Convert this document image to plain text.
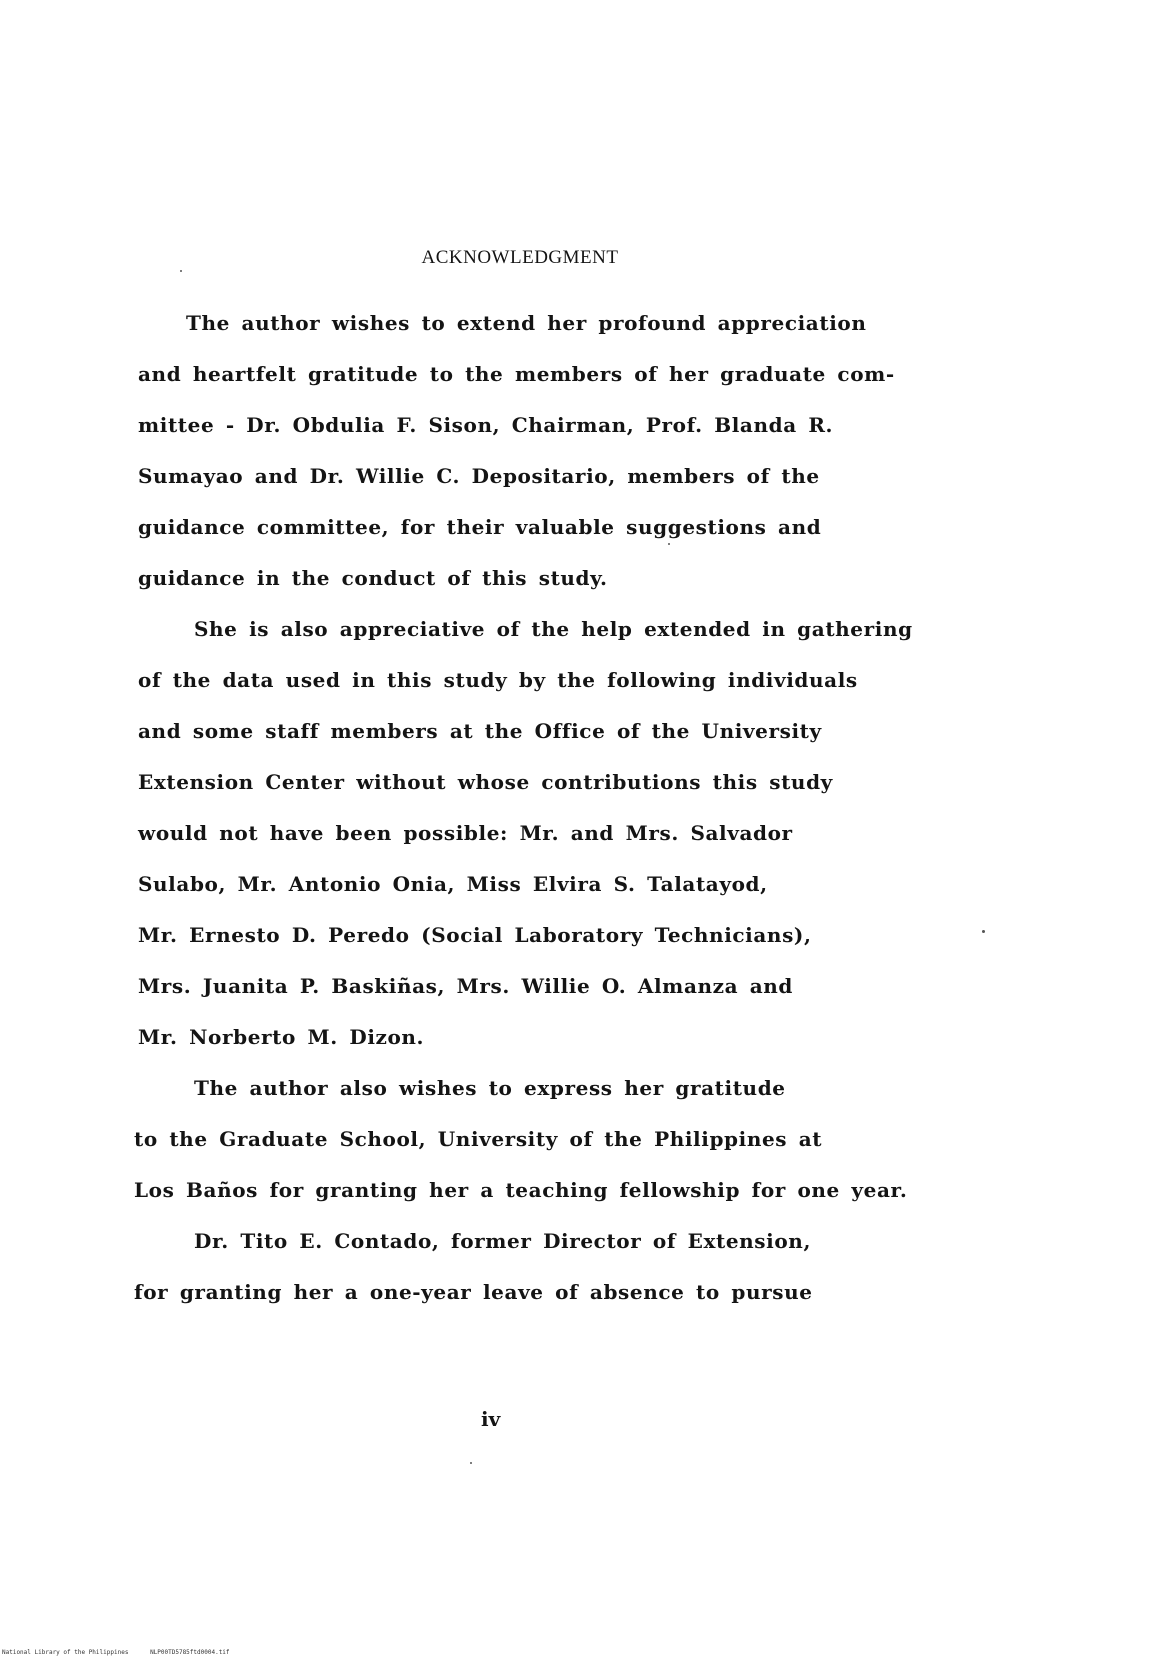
ACKNOWLEDGMENT
The author wishes to extend her profound appreciation
and heartfelt gratitude to the members of her graduate com-
mittee - Dr. Obdulia F. Sison, Chairman, Prof. Blanda R.
Sumayao and Dr. Willie C. Depositario, members of the
guidance committee, for their valuable suggestions and
guidance in the conduct of this study.
She is also appreciative of the help extended in gathering
of the data used in this study by the following individuals
and some staff members at the Office of the University
Extension Center without whose contributions this study
would not have been possible: Mr. and Mrs. Salvador
Sulabo, Mr. Antonio Onia, Miss Elvira S. Talatayod,
Mr. Ernesto D. Peredo (Social Laboratory Technicians),
Mrs. Juanita P. Baskiñas, Mrs. Willie O. Almanza and
Mr. Norberto M. Dizon.
The author also wishes to express her gratitude
to the Graduate School, University of the Philippines at
Los Baños for granting her a teaching fellowship for one year.
Dr. Tito E. Contado, former Director of Extension,
for granting her a one-year leave of absence to pursue
iv
National Library of the Philippines	NLP00TD5785ftd0004.tif
